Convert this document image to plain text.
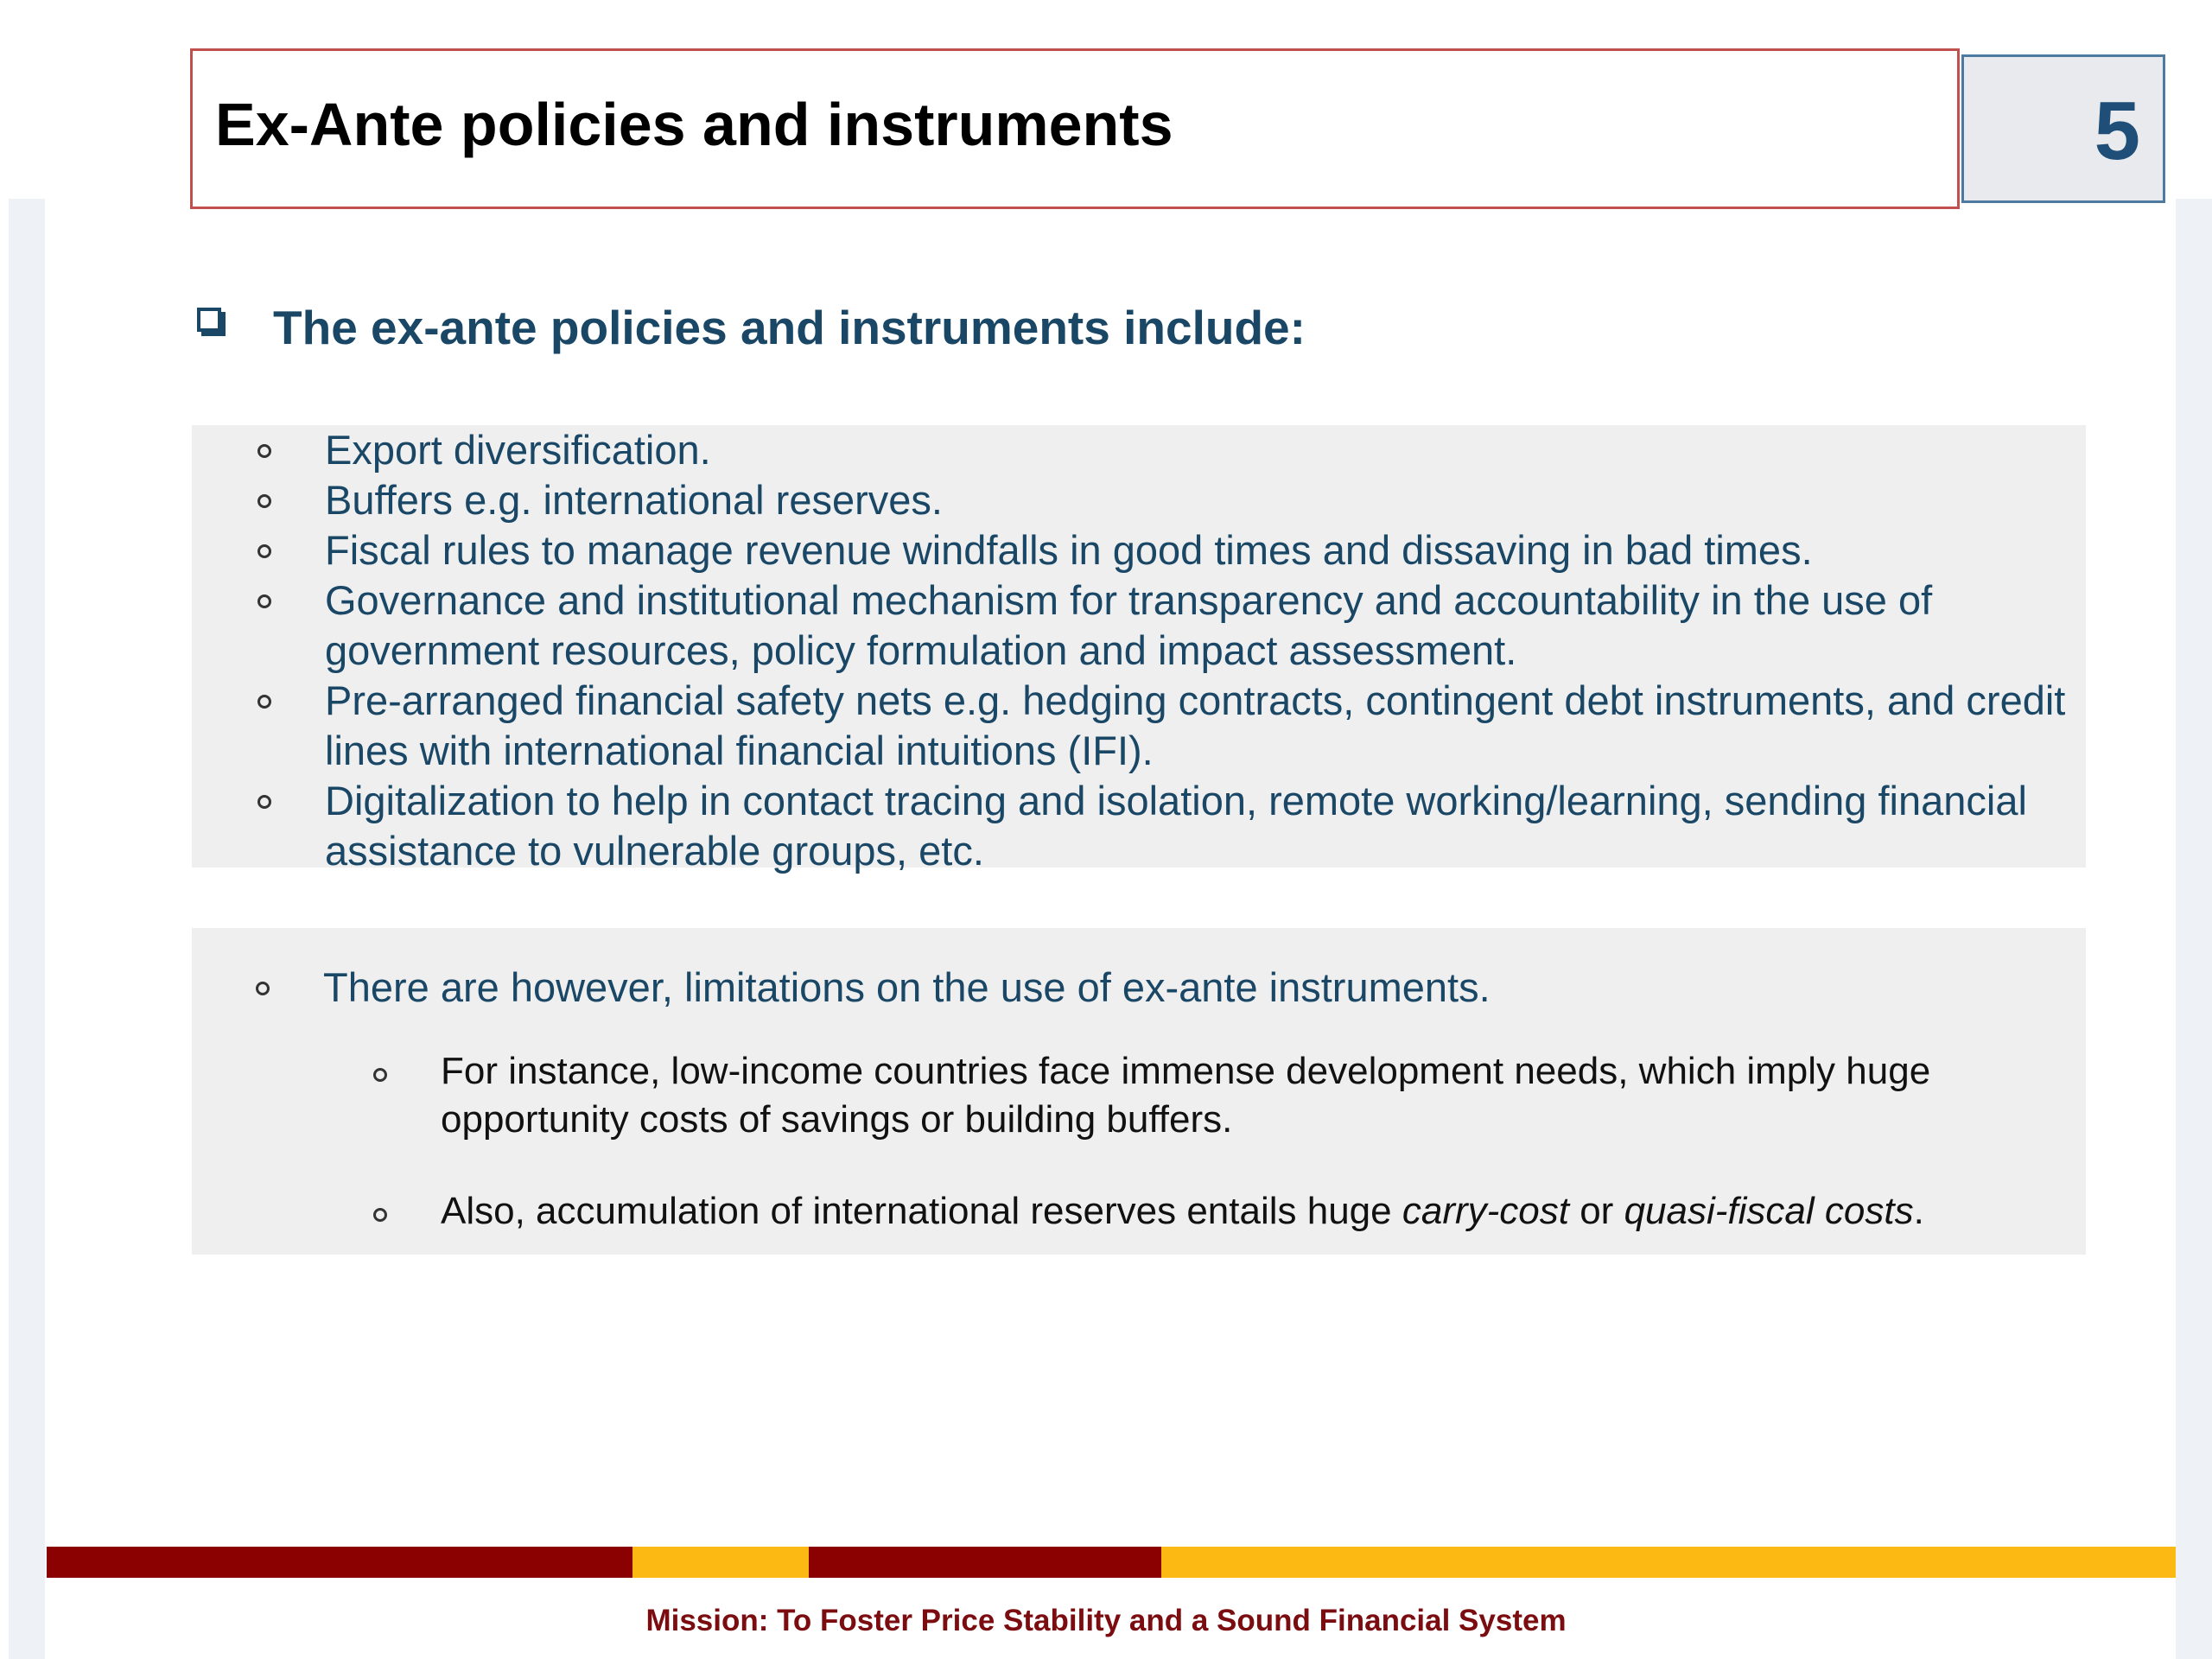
Ex-Ante policies and instruments	5
The ex-ante policies and instruments include:
Export diversification.
Buffers e.g. international reserves.
Fiscal rules to manage revenue windfalls in good times and dissaving in bad times.
Governance and institutional mechanism for transparency and accountability in the use of government resources, policy formulation and impact assessment.
Pre-arranged financial safety nets e.g. hedging contracts, contingent debt instruments, and credit lines with international financial intuitions (IFI).
Digitalization to help in contact tracing and isolation, remote working/learning, sending financial assistance to vulnerable groups, etc.
There are however, limitations on the use of ex-ante instruments.
For instance, low-income countries face immense development needs, which imply huge opportunity costs of savings or building buffers.
Also, accumulation of international reserves entails huge carry-cost or quasi-fiscal costs.
Mission: To Foster Price Stability and a Sound Financial System
